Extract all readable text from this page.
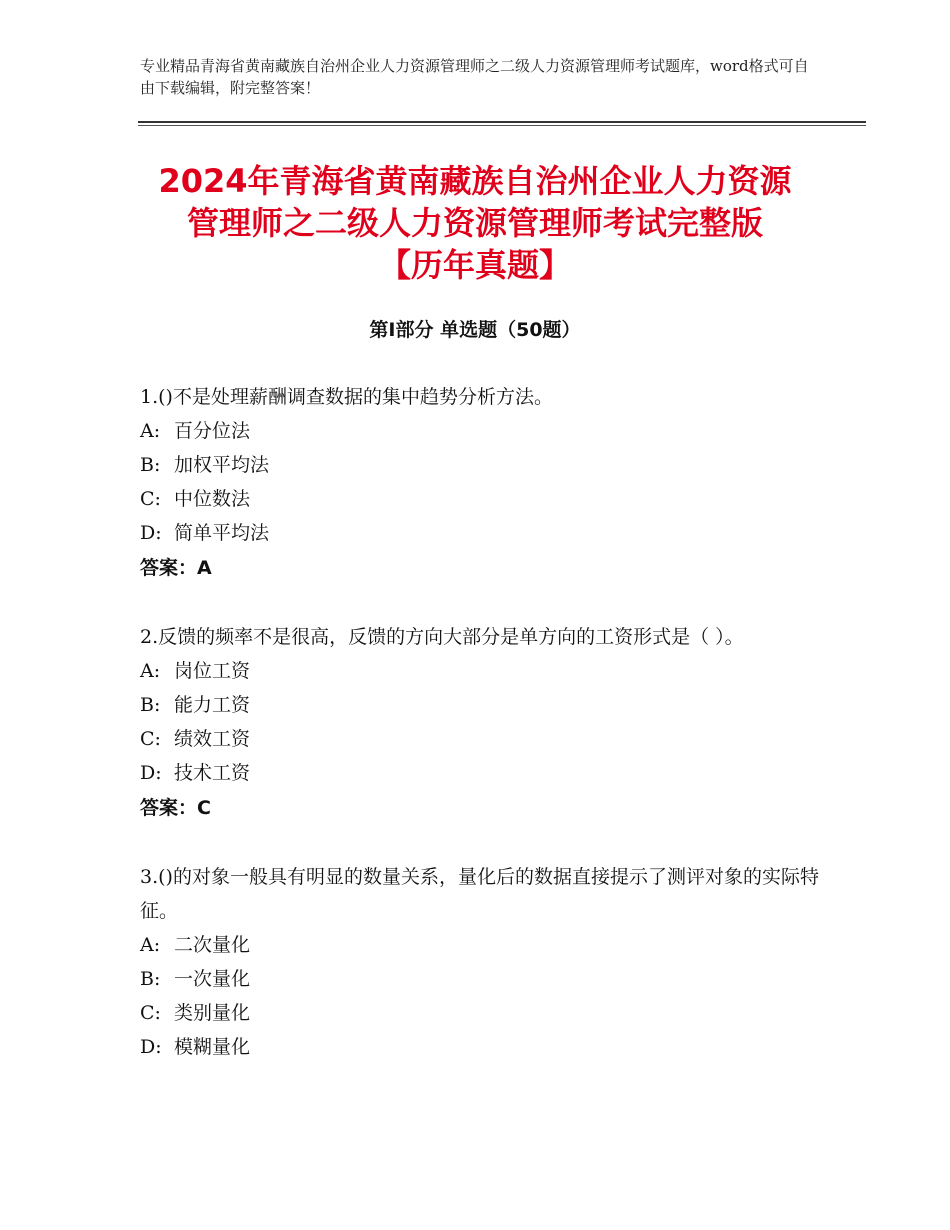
专业精品青海省黄南藏族自治州企业人力资源管理师之二级人力资源管理师考试题库，word格式可自由下载编辑，附完整答案！
2024年青海省黄南藏族自治州企业人力资源
管理师之二级人力资源管理师考试完整版
【历年真题】
第Ⅰ部分 单选题（50题）
1.()不是处理薪酬调查数据的集中趋势分析方法。
A: 百分位法
B: 加权平均法
C: 中位数法
D: 简单平均法
答案：A
2.反馈的频率不是很高，反馈的方向大部分是单方向的工资形式是（ ）。
A: 岗位工资
B: 能力工资
C: 绩效工资
D: 技术工资
答案：C
3.()的对象一般具有明显的数量关系，量化后的数据直接提示了测评对象的实际特征。
A: 二次量化
B: 一次量化
C: 类别量化
D: 模糊量化
